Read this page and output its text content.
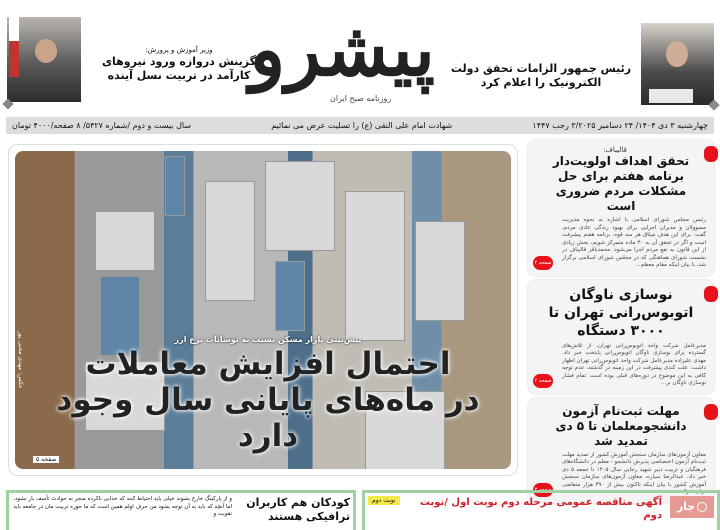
پیشرو
روزنامه صبح ایران
وزیر آموزش و پرورش:
گزینش دروازه ورود نیروهای کارآمد در تربیت نسل آینده	رئیس جمهور الزامات تحقق دولت الکترونیک را اعلام کرد
چهارشنبه ۳ دی ۱۴۰۴/ ۲۴ دسامبر ۳/۲۰۲۵ رجب ۱۴۴۷
شهادت امام علی النقی (ع) را تسلیت عرض می نمائیم
سال بیست و دوم /شماره ۵۴۲۷/ ۸ صفحه/۴۰۰۰ تومان
عکس: مهدی محبی پور	پیش‌بینی بازار مسکن نسبت به نوسانات نرخ ارز
احتمال افزایش معاملات
در ماه‌های پایانی سال وجود دارد
صفحه ۵
قالیباف:
تحقق اهداف اولویت‌دار برنامه هفتم برای حل مشکلات مردم ضروری است

رئیس مجلس شورای اسلامی با اشاره به نحوه مدیریت مسوولان و مدیران اجرایی برای بهبود زندگی عادی مردم، گفت: برای این هدف میثاق هر سه قوه، برنامه هفتم پیشرفت است و اگر در تحقق آن به ۳۰ ماده متمرکز شویم، بخش زیادی از این قانون به نفع مردم اجرا می‌شود. محمدباقر قالیباف در نشست شورای هماهنگی که در مجلس شورای اسلامی برگزار شد، با بیان اینکه مقام معظم...

صفحه ۲
نوسازی ناوگان اتوبوس‌رانی تهران تا ۳۰۰۰ دستگاه

مدیرعامل شرکت واحد اتوبوس‌رانی تهران، از تلاش‌های گسترده برای نوسازی ناوگان اتوبوس‌رانی پایتخت خبر داد. مهدی علیزاده مدیرعامل شرکت واحد اتوبوس‌رانی تهران اظهار داشت: علت کندی پیشرفت در این زمینه در گذشته، عدم توجه کافی به این موضوع در دوره‌های قبلی بوده است. تمام فشار نوسازی ناوگان بر...

صفحه ۲
مهلت ثبت‌نام آزمون دانشجومعلمان تا ۵ دی تمدید شد

معاون آزمون‌های سازمان سنجش آموزش کشور از تمدید مهلت ثبت‌نام آزمون اختصاصی پذیرش دانشجو - معلم در دانشگاه‌های فرهنگیان و تربیت دبیر شهید رجایی سال ۱۴۰۵ تا جمعه ۵ دی خبر داد. عبدالرضا سیاره، معاون آزمون‌های سازمان سنجش آموزش کشور با بیان اینکه تاکنون بیش از ۳۹۰ هزار متقاضی برای شرکت...

صفحه ۳
کودکان هم کاربران ترافیکی هستند
و از پارکینگ خارج بشوند خیلی باید احتیاط کنند که خدایی ناکرده منجر به حوادث تأسف بار نشود. اما آنچه که باید به آن توجه بشود من حرف اولم همین است که ما حوزه تربیت مان در جامعه باید تقویت و
جار
آگهی مناقصه عمومی مرحله دوم نوبت اول /نوبت دوم
نوبت دوم
